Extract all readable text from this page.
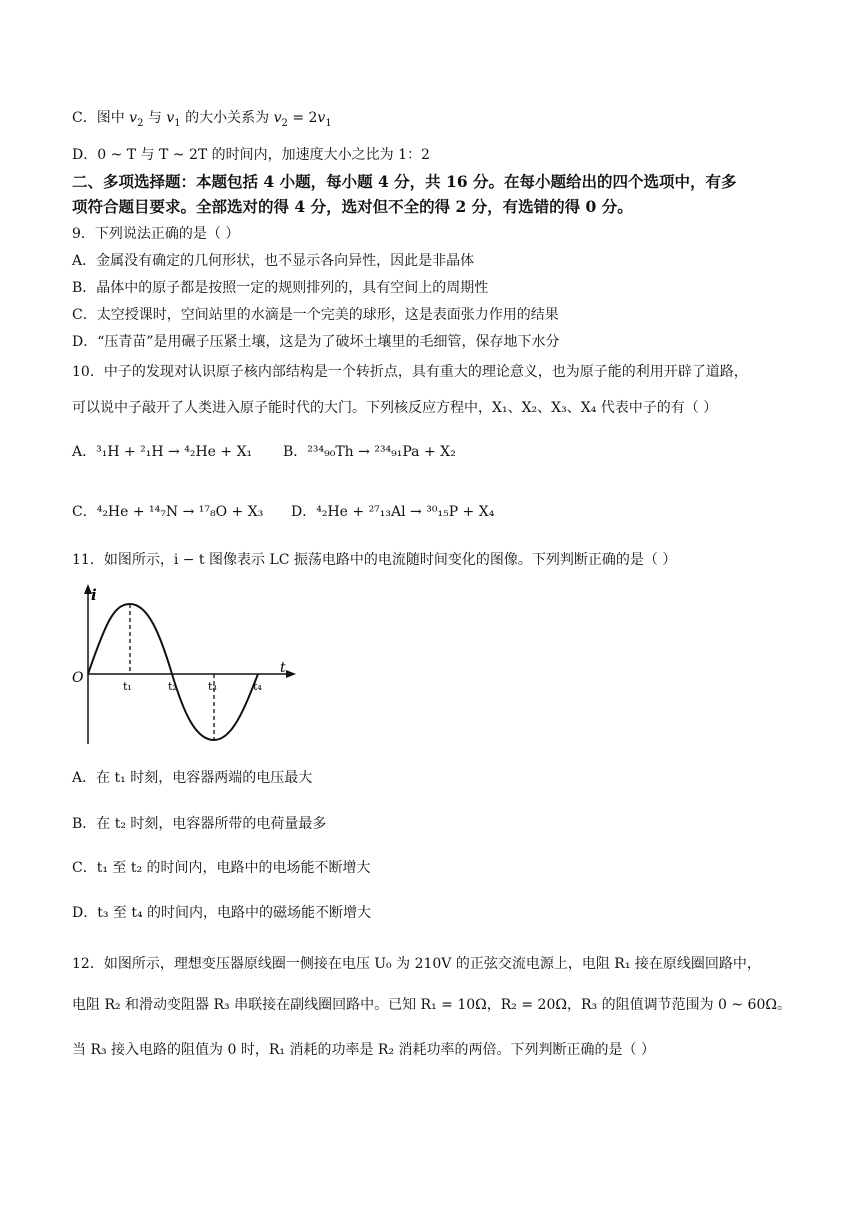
C．图中 $v_2$ 与 $v_1$ 的大小关系为 $v_2 = 2v_1$
D．0 ~ T 与 T ~ 2T 的时间内，加速度大小之比为 1：2
二、多项选择题：本题包括 4 小题，每小题 4 分，共 16 分。在每小题给出的四个选项中，有多
项符合题目要求。全部选对的得 4 分，选对但不全的得 2 分，有选错的得 0 分。
9．下列说法正确的是（ ）
A．金属没有确定的几何形状，也不显示各向异性，因此是非晶体
B．晶体中的原子都是按照一定的规则排列的，具有空间上的周期性
C．太空授课时，空间站里的水滴是一个完美的球形，这是表面张力作用的结果
D．“压青苗”是用碾子压紧土壤，这是为了破坏土壤里的毛细管，保存地下水分
10．中子的发现对认识原子核内部结构是一个转折点，具有重大的理论意义，也为原子能的利用开辟了道路，
可以说中子敲开了人类进入原子能时代的大门。下列核反应方程中，X₁、X₂、X₃、X₄ 代表中子的有（ ）
A．³₁H + ²₁H → ⁴₂He + X₁ B．²³⁴₉₀Th → ²³⁴₉₁Pa + X₂
C．⁴₂He + ¹⁴₇N → ¹⁷₈O + X₃ D．⁴₂He + ²⁷₁₃Al → ³⁰₁₅P + X₄
11．如图所示，i − t 图像表示 LC 振荡电路中的电流随时间变化的图像。下列判断正确的是（ ）
i
t
O
t₁	t₂	t₃	t₄
A．在 t₁ 时刻，电容器两端的电压最大
B．在 t₂ 时刻，电容器所带的电荷量最多
C．t₁ 至 t₂ 的时间内，电路中的电场能不断增大
D．t₃ 至 t₄ 的时间内，电路中的磁场能不断增大
12．如图所示，理想变压器原线圈一侧接在电压 U₀ 为 210V 的正弦交流电源上，电阻 R₁ 接在原线圈回路中，
电阻 R₂ 和滑动变阻器 R₃ 串联接在副线圈回路中。已知 R₁ = 10Ω，R₂ = 20Ω，R₃ 的阻值调节范围为 0 ~ 60Ω。
当 R₃ 接入电路的阻值为 0 时，R₁ 消耗的功率是 R₂ 消耗功率的两倍。下列判断正确的是（ ）
